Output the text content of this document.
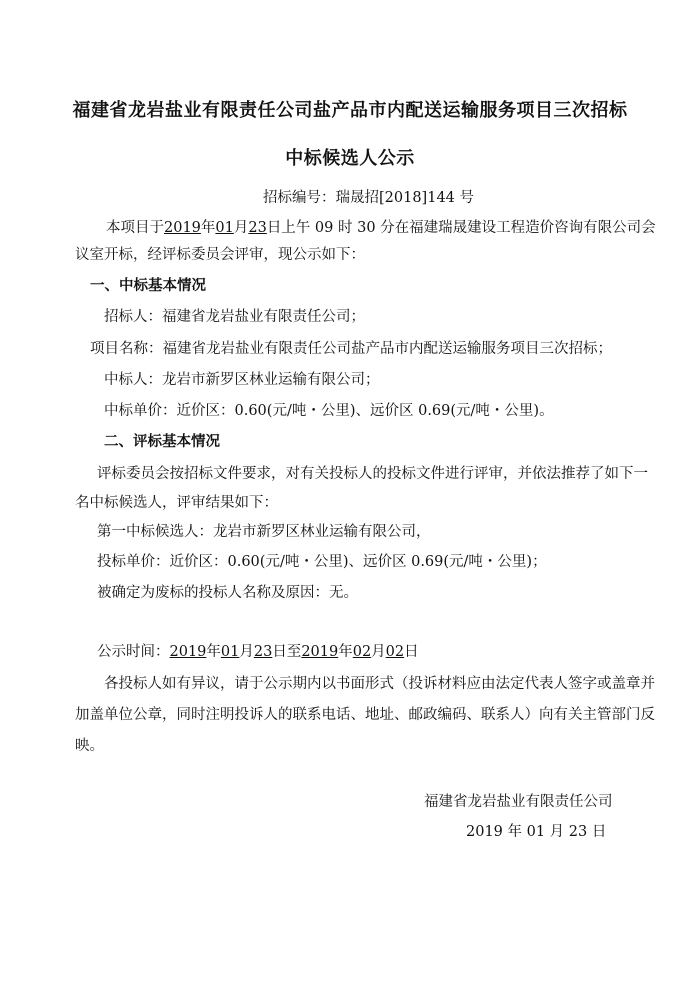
福建省龙岩盐业有限责任公司盐产品市内配送运输服务项目三次招标
中标候选人公示
招标编号：瑞晟招[2018]144 号
本项目于2019年01月23日上午 09 时 30 分在福建瑞晟建设工程造价咨询有限公司会
议室开标，经评标委员会评审，现公示如下：
一、中标基本情况
招标人：福建省龙岩盐业有限责任公司；
项目名称：福建省龙岩盐业有限责任公司盐产品市内配送运输服务项目三次招标；
中标人：龙岩市新罗区林业运输有限公司；
中标单价：近价区：0.60(元/吨・公里)、远价区 0.69(元/吨・公里)。
二、评标基本情况
评标委员会按招标文件要求，对有关投标人的投标文件进行评审，并依法推荐了如下一
名中标候选人，评审结果如下：
第一中标候选人：龙岩市新罗区林业运输有限公司，
投标单价：近价区：0.60(元/吨・公里)、远价区 0.69(元/吨・公里)；
被确定为废标的投标人名称及原因：无。
公示时间：2019年01月23日至2019年02月02日
各投标人如有异议，请于公示期内以书面形式（投诉材料应由法定代表人签字或盖章并
加盖单位公章，同时注明投诉人的联系电话、地址、邮政编码、联系人）向有关主管部门反
映。
福建省龙岩盐业有限责任公司
2019 年 01 月 23 日
